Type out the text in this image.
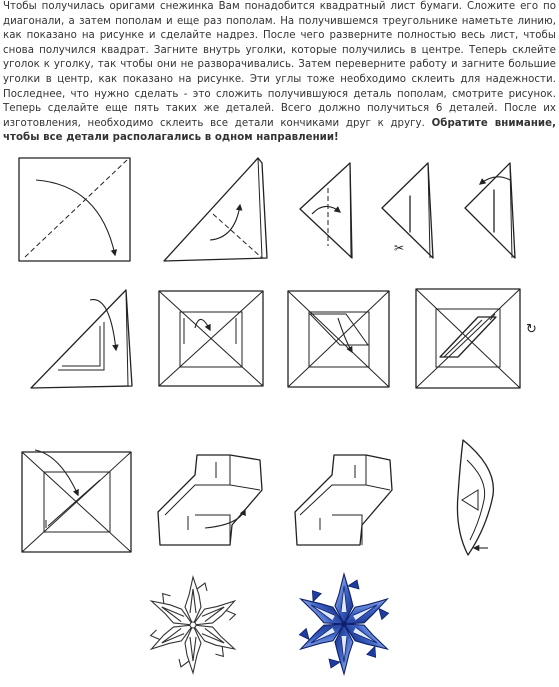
Чтобы получилась оригами снежинка Вам понадобится квадратный лист бумаги. Сложите его по диагонали, а затем пополам и еще раз пополам. На получившемся треугольнике наметьте линию, как показано на рисунке и сделайте надрез. После чего разверните полностью весь лист, чтобы снова получился квадрат. Загните внутрь уголки, которые получились в центре. Теперь склейте уголок к уголку, так чтобы они не разворачивались. Затем переверните работу и загните большие уголки в центр, как показано на рисунке. Эти углы тоже необходимо склеить для надежности. Последнее, что нужно сделать - это сложить получившуюся деталь пополам, смотрите рисунок. Теперь сделайте еще пять таких же деталей. Всего должно получиться 6 деталей. После их изготовления, необходимо склеить все детали кончиками друг к другу. Обратите внимание, чтобы все детали располагались в одном направлении!

✂
↻
